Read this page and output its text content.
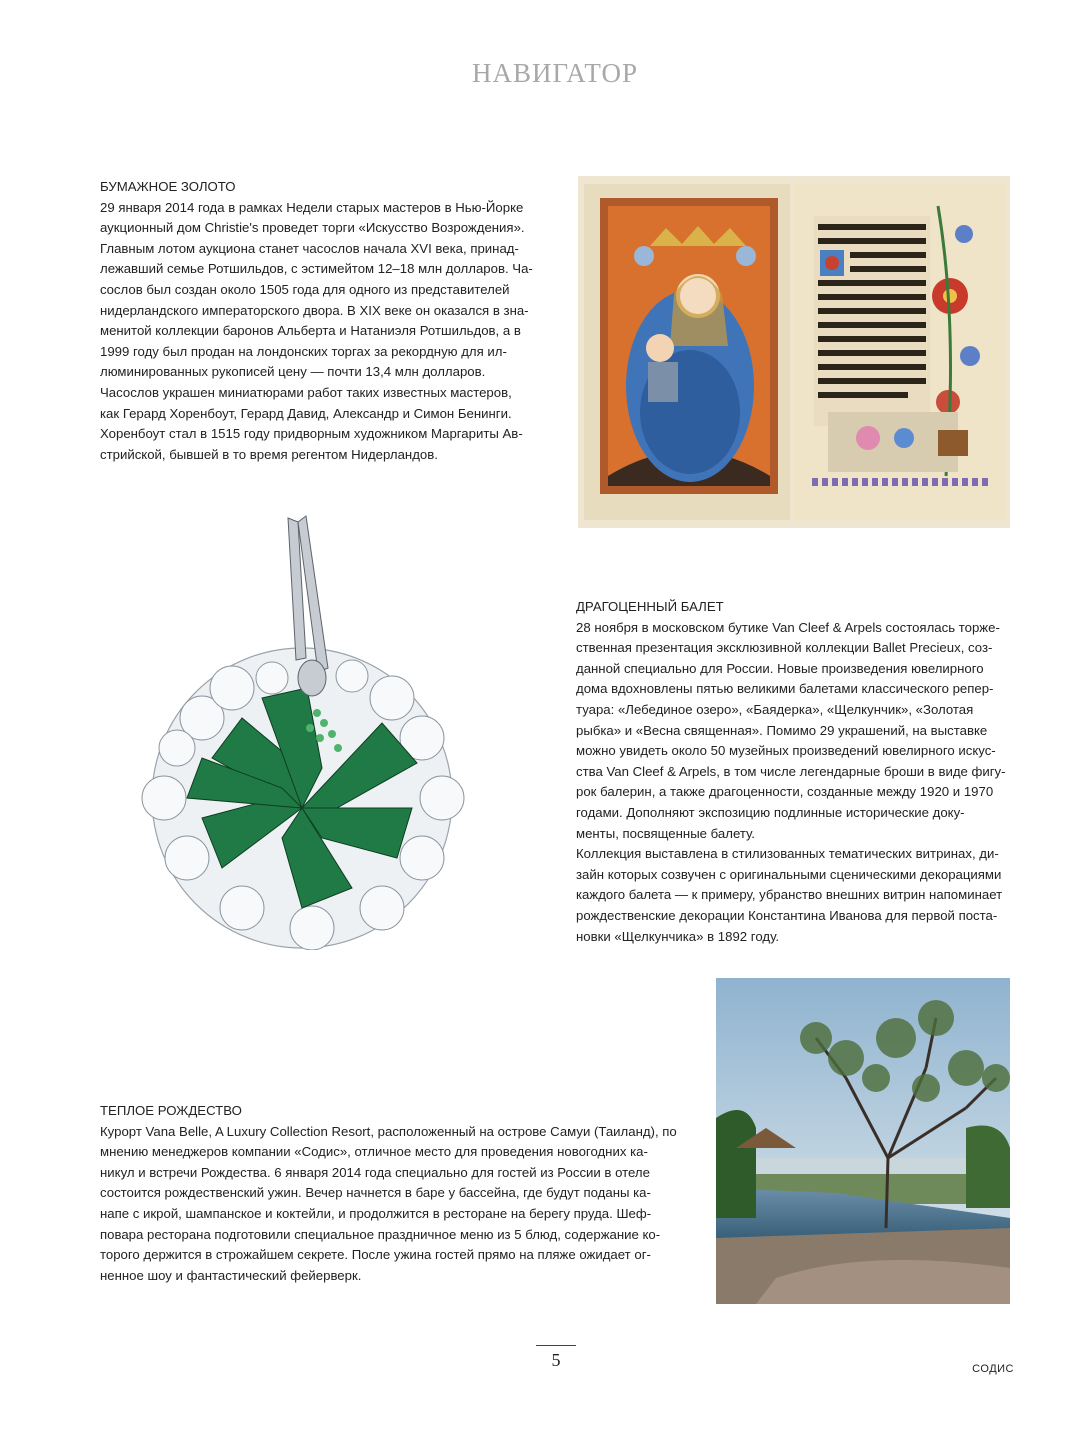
НАВИГАТОР

БУМАЖНОЕ ЗОЛОТО

29 января 2014 года в рамках Недели старых мастеров в Нью-Йорке
аукционный дом Christie's проведет торги «Искусство Возрождения».
Главным лотом аукциона станет часослов начала XVI века, принад-
лежавший семье Ротшильдов, с эстимейтом 12–18 млн долларов. Ча-
cослов был создан около 1505 года для одного из представителей
нидерландского императорского двора. В XIX веке он оказался в зна-
менитой коллекции баронов Альберта и Натаниэля Ротшильдов, а в
1999 году был продан на лондонских торгах за рекордную для ил-
люминированных рукописей цену — почти 13,4 млн долларов.
Часослов украшен миниатюрами работ таких известных мастеров,
как Герард Хоренбоут, Герард Давид, Александр и Симон Бенинги.
Хоренбоут стал в 1515 году придворным художником Маргариты Ав-
стрийской, бывшей в то время регентом Нидерландов.

ДРАГОЦЕННЫЙ БАЛЕТ

28 ноября в московском бутике Van Cleef & Arpels состоялась торже-
ственная презентация эксклюзивной коллекции Ballet Precieux, соз-
данной специально для России. Новые произведения ювелирного
дома вдохновлены пятью великими балетами классического репер-
туара: «Лебединое озеро», «Баядерка», «Щелкунчик», «Золотая
рыбка» и «Весна священная». Помимо 29 украшений, на выставке
можно увидеть около 50 музейных произведений ювелирного искус-
ства Van Cleef & Arpels, в том числе легендарные броши в виде фигу-
рок балерин, а также драгоценности, созданные между 1920 и 1970
годами. Дополняют экспозицию подлинные исторические доку-
менты, посвященные балету.
Коллекция выставлена в стилизованных тематических витринах, ди-
зайн которых созвучен с оригинальными сценическими декорациями
каждого балета — к примеру, убранство внешних витрин напоминает
рождественские декорации Константина Иванова для первой поста-
новки «Щелкунчика» в 1892 году.

ТЕПЛОЕ РОЖДЕСТВО

Курорт Vana Belle, A Luxury Collection Resort, расположенный на острове Самуи (Таиланд), по
мнению менеджеров компании «Содис», отличное место для проведения новогодних ка-
никул и встречи Рождества. 6 января 2014 года специально для гостей из России в отеле
состоится рождественский ужин. Вечер начнется в баре у бассейна, где будут поданы ка-
напе с икрой, шампанское и коктейли, и продолжится в ресторане на берегу пруда. Шеф-
повара ресторана подготовили специальное праздничное меню из 5 блюд, содержание ко-
торого держится в строжайшем секрете. После ужина гостей прямо на пляже ожидает ог-
ненное шоу и фантастический фейерверк.
5	СОДИС
